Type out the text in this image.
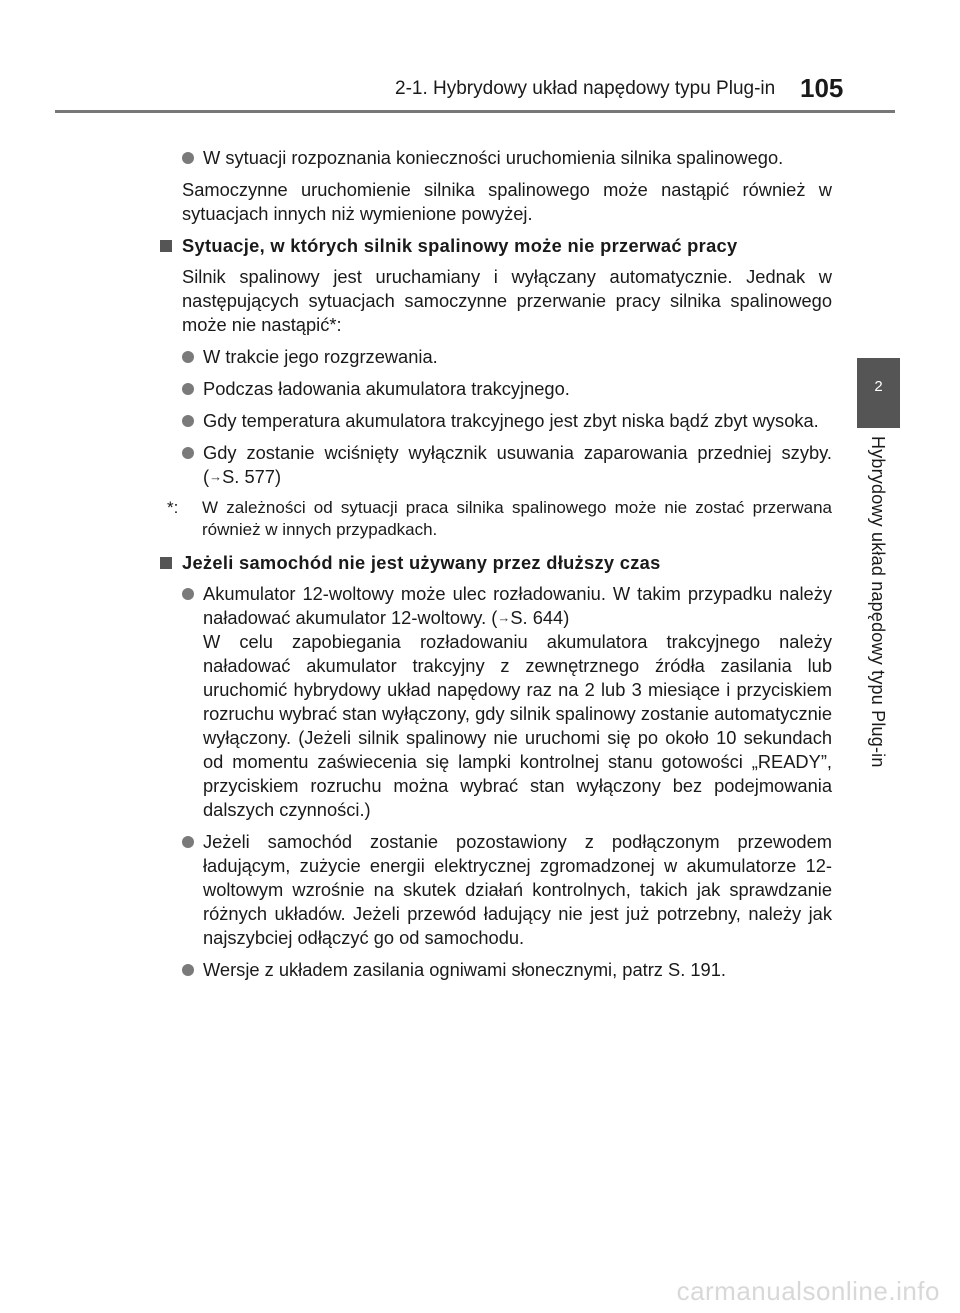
2-1. Hybrydowy układ napędowy typu Plug-in 105
2
Hybrydowy układ napędowy typu Plug-in
W sytuacji rozpoznania konieczności uruchomienia silnika spalinowego.
Samoczynne uruchomienie silnika spalinowego może nastąpić również w sytuacjach innych niż wymienione powyżej.
Sytuacje, w których silnik spalinowy może nie przerwać pracy
Silnik spalinowy jest uruchamiany i wyłączany automatycznie. Jednak w następujących sytuacjach samoczynne przerwanie pracy silnika spalinowego może nie nastąpić*:
W trakcie jego rozgrzewania.
Podczas ładowania akumulatora trakcyjnego.
Gdy temperatura akumulatora trakcyjnego jest zbyt niska bądź zbyt wysoka.
Gdy zostanie wciśnięty wyłącznik usuwania zaparowania przedniej szyby. (→S. 577)
*: W zależności od sytuacji praca silnika spalinowego może nie zostać przerwana również w innych przypadkach.
Jeżeli samochód nie jest używany przez dłuższy czas
Akumulator 12-woltowy może ulec rozładowaniu. W takim przypadku należy naładować akumulator 12-woltowy. (→S. 644)
W celu zapobiegania rozładowaniu akumulatora trakcyjnego należy naładować akumulator trakcyjny z zewnętrznego źródła zasilania lub uruchomić hybrydowy układ napędowy raz na 2 lub 3 miesiące i przyciskiem rozruchu wybrać stan wyłączony, gdy silnik spalinowy zostanie automatycznie wyłączony. (Jeżeli silnik spalinowy nie uruchomi się po około 10 sekundach od momentu zaświecenia się lampki kontrolnej stanu gotowości „READY”, przyciskiem rozruchu można wybrać stan wyłączony bez podejmowania dalszych czynności.)
Jeżeli samochód zostanie pozostawiony z podłączonym przewodem ładującym, zużycie energii elektrycznej zgromadzonej w akumulatorze 12-woltowym wzrośnie na skutek działań kontrolnych, takich jak sprawdzanie różnych układów. Jeżeli przewód ładujący nie jest już potrzebny, należy jak najszybciej odłączyć go od samochodu.
Wersje z układem zasilania ogniwami słonecznymi, patrz S. 191.
carmanualsonline.info
